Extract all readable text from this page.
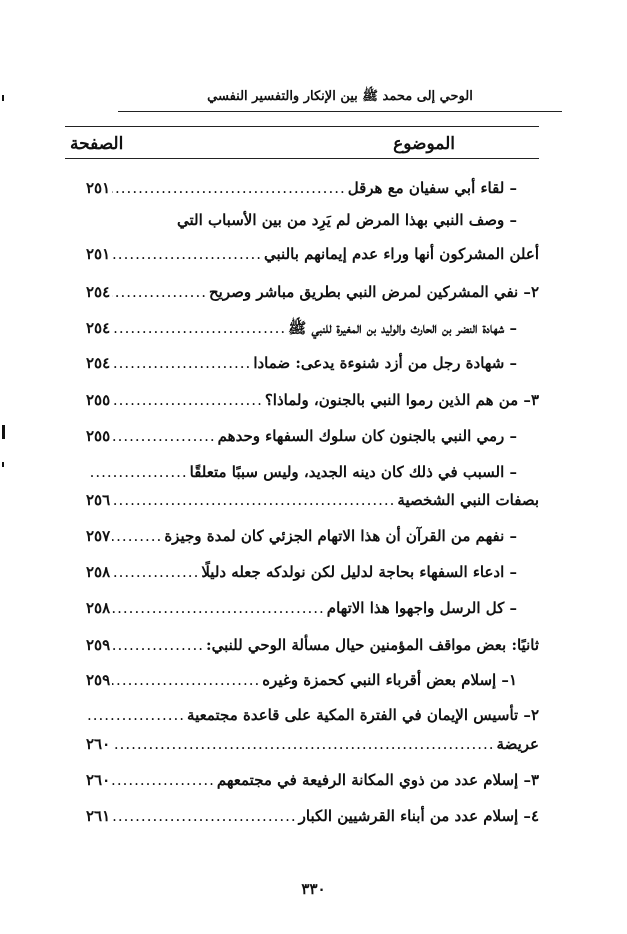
الوحي إلى محمد ﷺ بين الإنكار والتفسير النفسي
الموضوع
الصفحة
– لقاء أبي سفيان مع هرقل
.....
٢٥١
– وصف النبي بهذا المرض لم يَرِد من بين الأسباب التي
أعلن المشركون أنها وراء عدم إيمانهم بالنبي
.....
٢٥١
٢– نفي المشركين لمرض النبي بطريق مباشر وصريح
.....
٢٥٤
– شهادة النضر بن الحارث والوليد بن المغيرة للنبي ﷺ
.....
٢٥٤
– شهادة رجل من أزد شنوءة يدعى: ضمادا
.....
٢٥٤
٣– من هم الذين رموا النبي بالجنون، ولماذا؟
.....
٢٥٥
– رمي النبي بالجنون كان سلوك السفهاء وحدهم
.....
٢٥٥
– السبب في ذلك كان دينه الجديد، وليس سببًا متعلقًا
.....
بصفات النبي الشخصية
.....
٢٥٦
– نفهم من القرآن أن هذا الاتهام الجزئي كان لمدة وجيزة
.....
٢٥٧
– ادعاء السفهاء بحاجة لدليل لكن نولدكه جعله دليلًا
.....
٢٥٨
– كل الرسل واجهوا هذا الاتهام
.....
٢٥٨
ثانيًا: بعض مواقف المؤمنين حيال مسألة الوحي للنبي:
.....
٢٥٩
١– إسلام بعض أقرباء النبي كحمزة وغيره
.....
٢٥٩
٢– تأسيس الإيمان في الفترة المكية على قاعدة مجتمعية
.....
عريضة
.....
٢٦٠
٣– إسلام عدد من ذوي المكانة الرفيعة في مجتمعهم
.....
٢٦٠
٤– إسلام عدد من أبناء القرشيين الكبار
.....
٢٦١
٣٣٠
